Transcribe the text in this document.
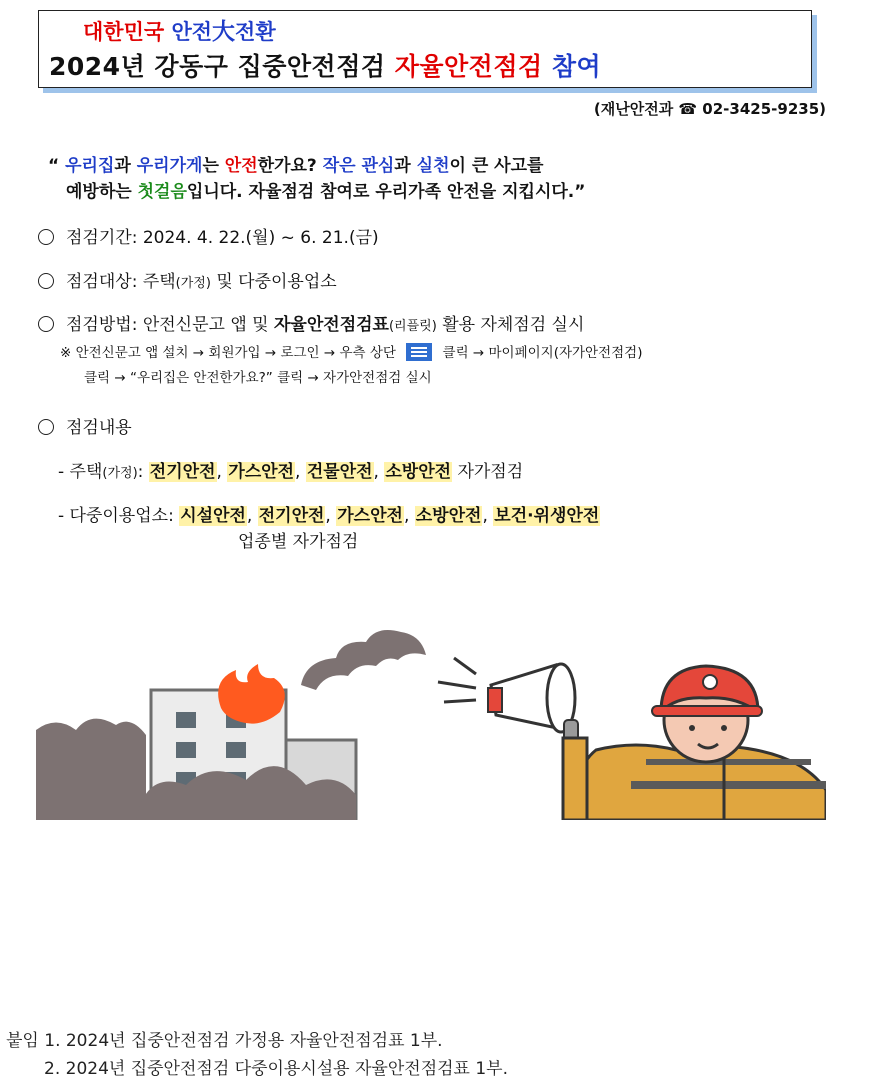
대한민국 안전大전환
2024년 강동구 집중안전점검 자율안전점검 참여
(재난안전과 ☎ 02-3425-9235)
“ 우리집과 우리가게는 안전한가요? 작은 관심과 실천이 큰 사고를
예방하는 첫걸음입니다. 자율점검 참여로 우리가족 안전을 지킵시다.”
점검기간: 2024. 4. 22.(월) ~ 6. 21.(금)
점검대상: 주택(가정) 및 다중이용업소
점검방법: 안전신문고 앱 및 자율안전점검표(리플릿) 활용 자체점검 실시
※ 안전신문고 앱 설치 → 회원가입 → 로그인 → 우측 상단	클릭 → 마이페이지(자가안전점검)
클릭 → “우리집은 안전한가요?” 클릭 → 자가안전점검 실시
점검내용
- 주택(가정): 전기안전, 가스안전, 건물안전, 소방안전 자가점검
- 다중이용업소: 시설안전, 전기안전, 가스안전, 소방안전, 보건·위생안전
업종별 자가점검
붙임 1. 2024년 집중안전점검 가정용 자율안전점검표 1부.
2. 2024년 집중안전점검 다중이용시설용 자율안전점검표 1부.
